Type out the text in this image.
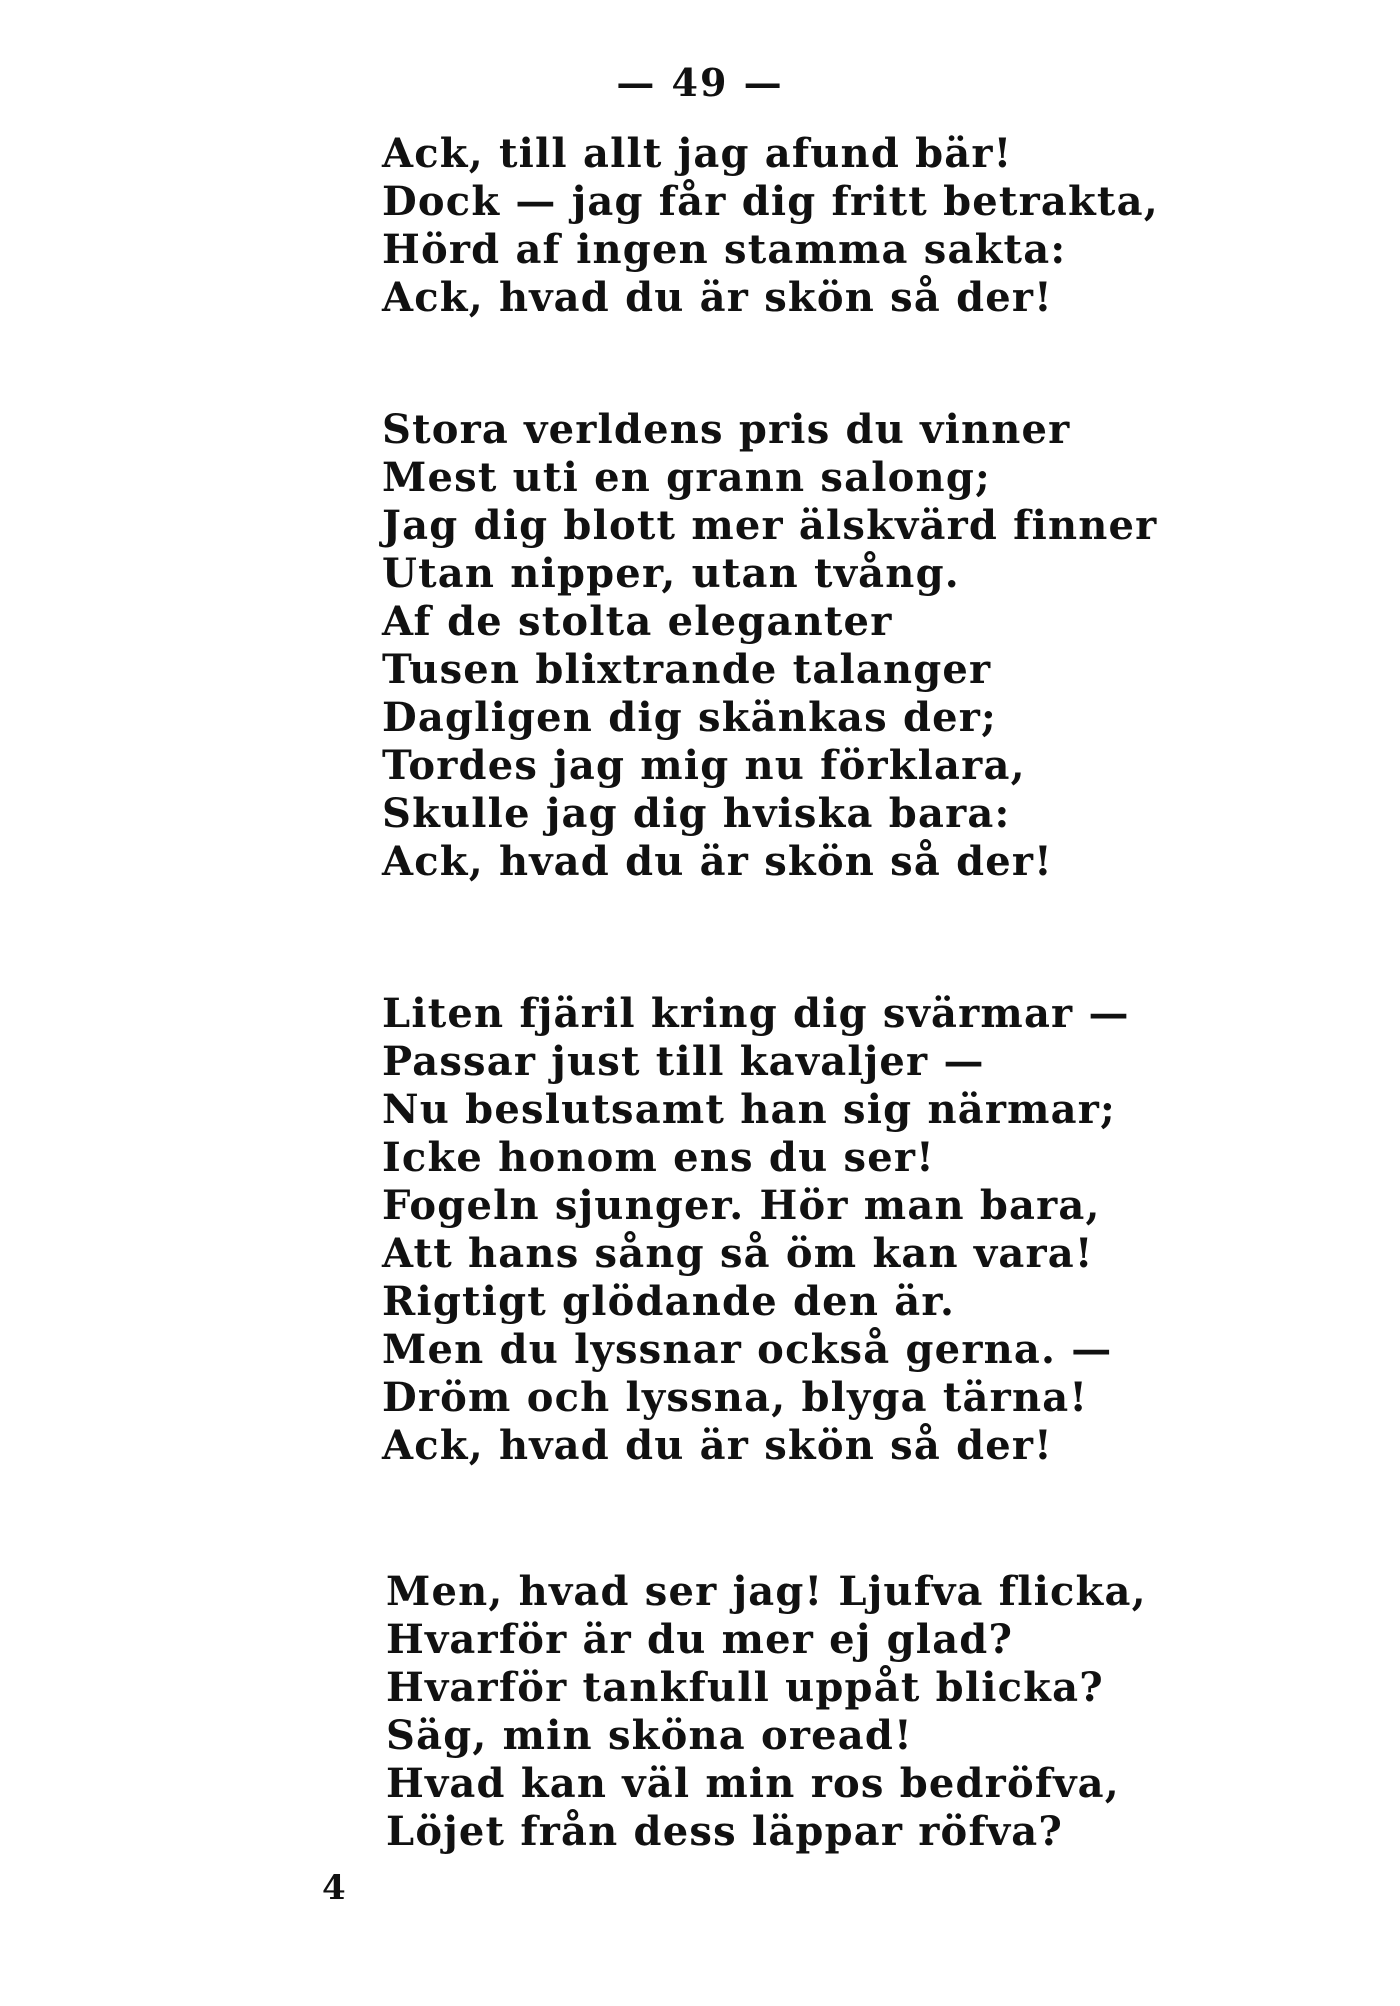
— 49 —
Ack, till allt jag afund bär!
Dock — jag får dig fritt betrakta,
Hörd af ingen stamma sakta:
Ack, hvad du är skön så der!
Stora verldens pris du vinner
Mest uti en grann salong;
Jag dig blott mer älskvärd finner
Utan nipper, utan tvång.
Af de stolta eleganter
Tusen blixtrande talanger
Dagligen dig skänkas der;
Tordes jag mig nu förklara,
Skulle jag dig hviska bara:
Ack, hvad du är skön så der!
Liten fjäril kring dig svärmar —
Passar just till kavaljer —
Nu beslutsamt han sig närmar;
Icke honom ens du ser!
Fogeln sjunger. Hör man bara,
Att hans sång så öm kan vara!
Rigtigt glödande den är.
Men du lyssnar också gerna. —
Dröm och lyssna, blyga tärna!
Ack, hvad du är skön så der!
Men, hvad ser jag! Ljufva flicka,
Hvarför är du mer ej glad?
Hvarför tankfull uppåt blicka?
Säg, min sköna oread!
Hvad kan väl min ros bedröfva,
Löjet från dess läppar röfva?
4
